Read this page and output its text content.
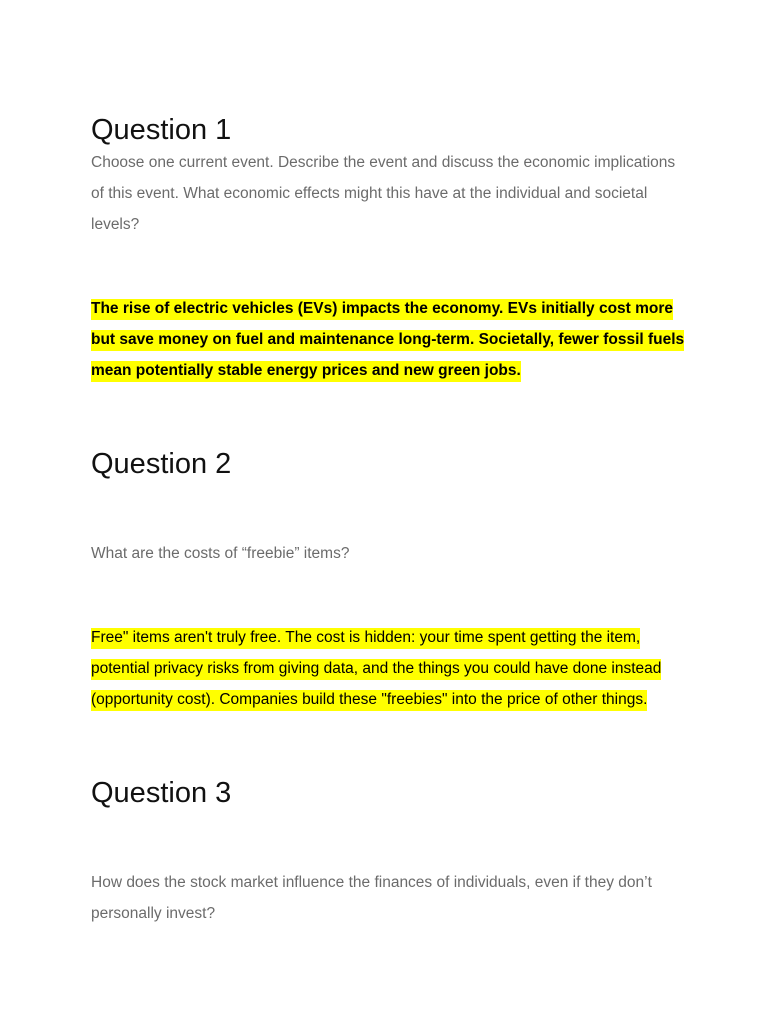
Question 1

Choose one current event. Describe the event and discuss the economic implications of this event. What economic effects might this have at the individual and societal levels?

The rise of electric vehicles (EVs) impacts the economy. EVs initially cost more but save money on fuel and maintenance long-term. Societally, fewer fossil fuels mean potentially stable energy prices and new green jobs.

Question 2

What are the costs of “freebie” items?

Free" items aren't truly free. The cost is hidden: your time spent getting the item, potential privacy risks from giving data, and the things you could have done instead (opportunity cost). Companies build these "freebies" into the price of other things.

Question 3

How does the stock market influence the finances of individuals, even if they don’t personally invest?
